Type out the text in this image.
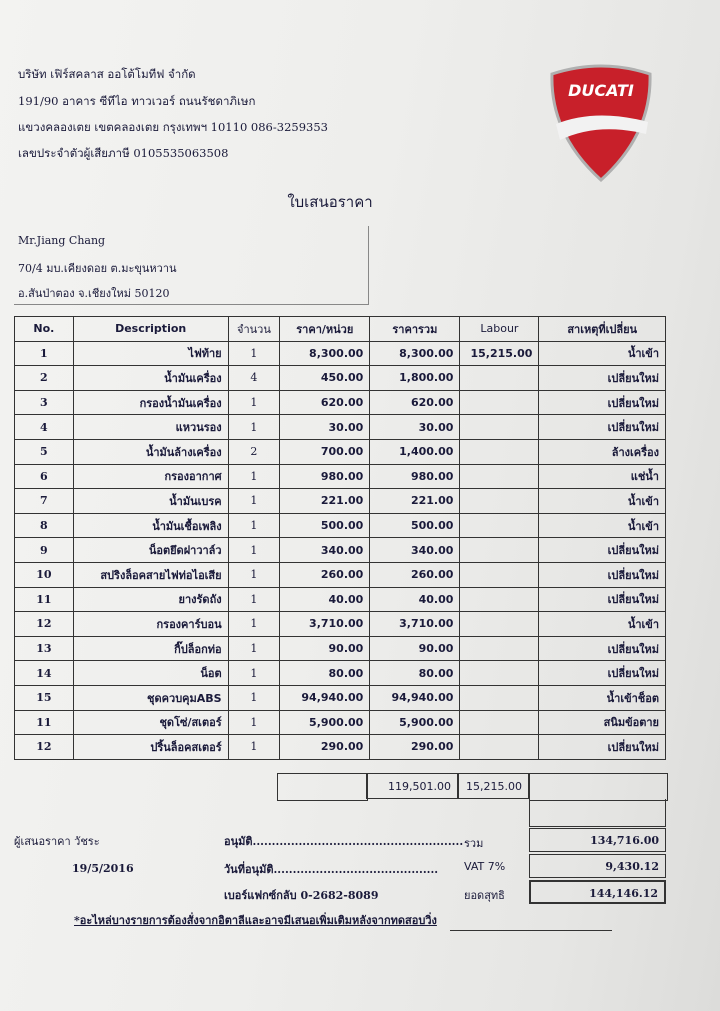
บริษัท เฟิร์สคลาส ออโต้โมทีฟ จำกัด
191/90 อาคาร ซีทีไอ ทาวเวอร์ ถนนรัชดาภิเษก
แขวงคลองเตย เขตคลองเตย กรุงเทพฯ 10110 086-3259353
เลขประจำตัวผู้เสียภาษี 0105535063508
DUCATI
ใบเสนอราคา
Mr.Jiang Chang
70/4 มบ.เคียงดอย ต.มะขุนหวาน
อ.สันป่าตอง จ.เชียงใหม่ 50120
No.	Description	จำนวน	ราคา/หน่วย	ราคารวม	Labour	สาเหตุที่เปลี่ยน
1	ไฟท้าย	1	8,300.00	8,300.00	15,215.00	น้ำเข้า
2	น้ำมันเครื่อง	4	450.00	1,800.00		เปลี่ยนใหม่
3	กรองน้ำมันเครื่อง	1	620.00	620.00		เปลี่ยนใหม่
4	แหวนรอง	1	30.00	30.00		เปลี่ยนใหม่
5	น้ำมันล้างเครื่อง	2	700.00	1,400.00		ล้างเครื่อง
6	กรองอากาศ	1	980.00	980.00		แช่น้ำ
7	น้ำมันเบรค	1	221.00	221.00		น้ำเข้า
8	น้ำมันเชื้อเพลิง	1	500.00	500.00		น้ำเข้า
9	น็อตยึดฝาวาล์ว	1	340.00	340.00		เปลี่ยนใหม่
10	สปริงล็อคสายไฟท่อไอเสีย	1	260.00	260.00		เปลี่ยนใหม่
11	ยางรัดถัง	1	40.00	40.00		เปลี่ยนใหม่
12	กรองคาร์บอน	1	3,710.00	3,710.00		น้ำเข้า
13	กิ๊ปล็อกท่อ	1	90.00	90.00		เปลี่ยนใหม่
14	น็อต	1	80.00	80.00		เปลี่ยนใหม่
15	ชุดควบคุมABS	1	94,940.00	94,940.00		น้ำเข้าช็อต
11	ชุดโซ่/สเตอร์	1	5,900.00	5,900.00		สนิมข้อตาย
12	ปริ้นล็อคสเตอร์	1	290.00	290.00		เปลี่ยนใหม่
119,501.00	15,215.00
รวม	134,716.00
VAT 7%	9,430.12
ยอดสุทธิ	144,146.12
ผู้เสนอราคา วัชระ
19/5/2016
อนุมัติ.......................................................
วันที่อนุมัติ...........................................
เบอร์แฟกซ์กลับ 0-2682-8089
*อะไหล่บางรายการต้องสั่งจากอิตาลีและอาจมีเสนอเพิ่มเติมหลังจากทดสอบวิ่ง
